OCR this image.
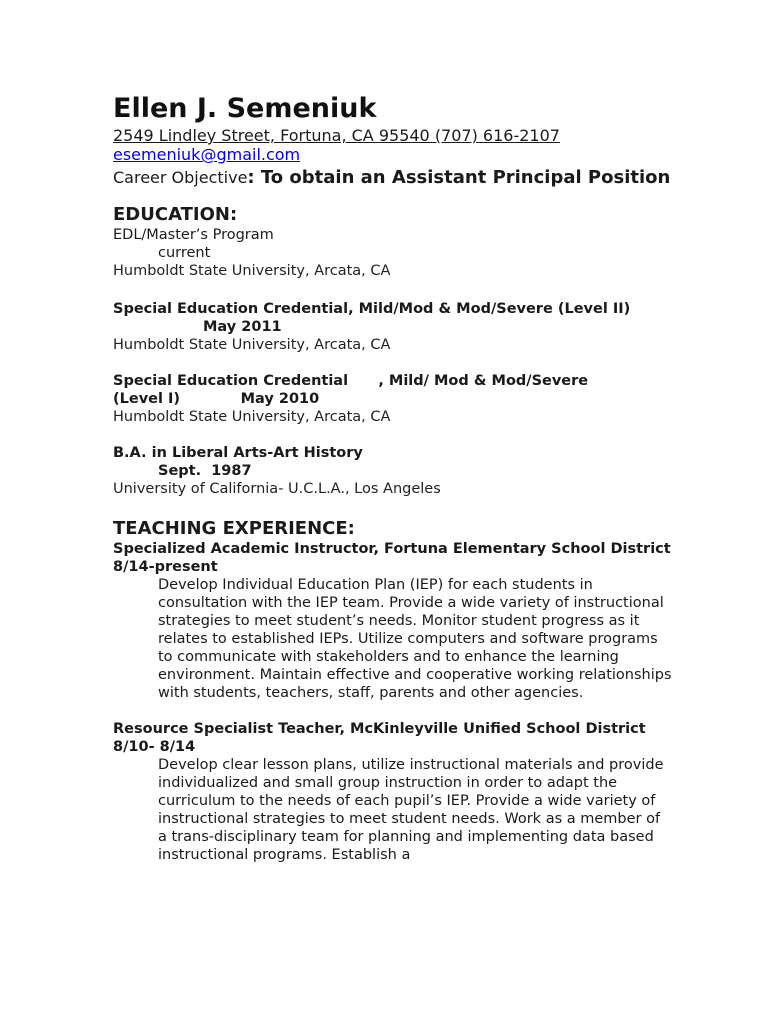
Ellen J. Semeniuk

2549 Lindley Street, Fortuna, CA 95540 (707) 616-2107

esemeniuk@gmail.com

Career Objective: To obtain an Assistant Principal Position

EDUCATION:

EDL/Master’s Program

current

Humboldt State University, Arcata, CA

Special Education Credential, Mild/Mod & Mod/Severe (Level II)

May 2011

Humboldt State University, Arcata, CA

Special Education Credential      , Mild/ Mod & Mod/Severe (Level I)            May 2010

Humboldt State University, Arcata, CA

B.A. in Liberal Arts-Art History

Sept.  1987

University of California- U.C.L.A., Los Angeles

TEACHING EXPERIENCE:

Specialized Academic Instructor, Fortuna Elementary School District      8/14-present

Develop Individual Education Plan (IEP) for each students in consultation with the IEP team. Provide a wide variety of instructional strategies to meet student’s needs. Monitor student progress as it relates to established IEPs. Utilize computers and software programs to communicate with stakeholders and to enhance the learning environment. Maintain effective and cooperative working relationships with students, teachers, staff, parents and other agencies.

Resource Specialist Teacher, McKinleyville Unified School District      8/10- 8/14

Develop clear lesson plans, utilize instructional materials and provide individualized and small group instruction in order to adapt the curriculum to the needs of each pupil’s IEP. Provide a wide variety of instructional strategies to meet student needs. Work as a member of a trans-disciplinary team for planning and implementing data based instructional programs. Establish a
